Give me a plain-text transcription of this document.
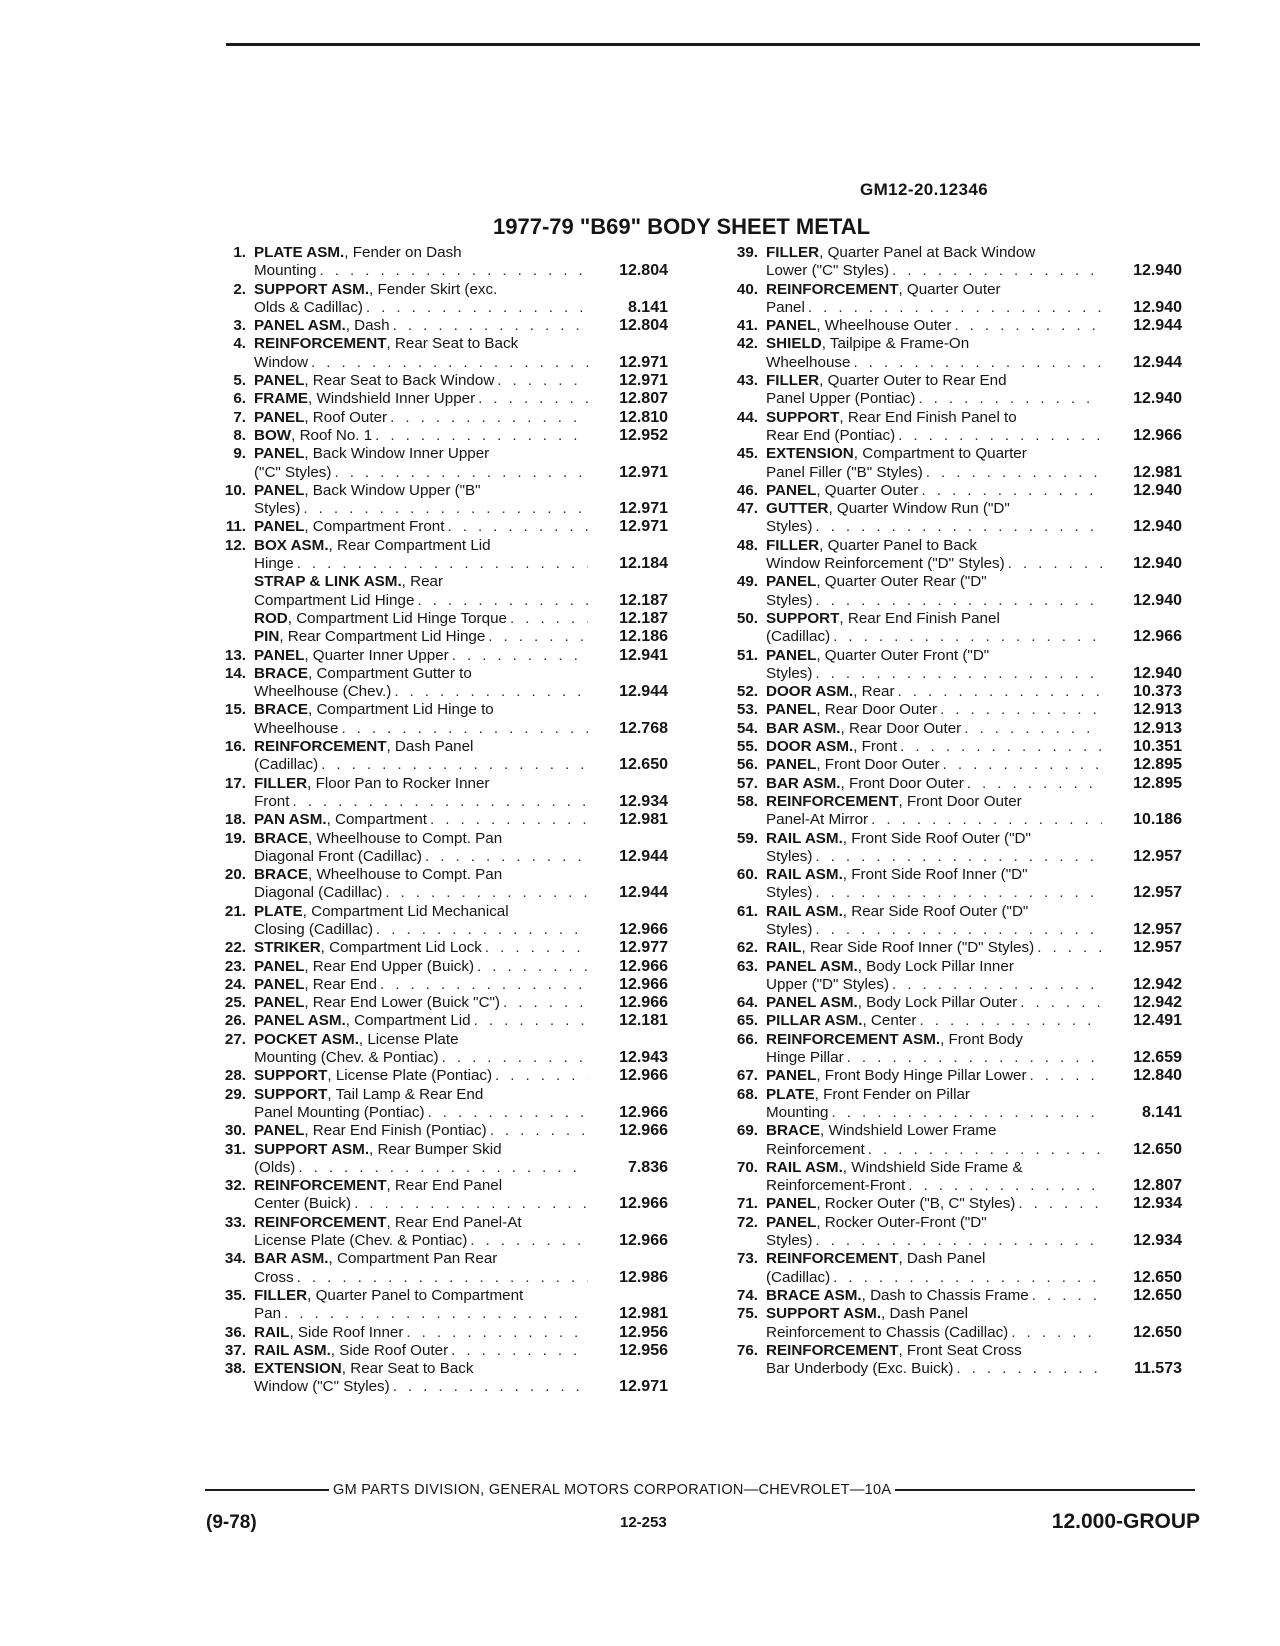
GM12-20.12346
1977-79 "B69" BODY SHEET METAL
1. PLATE ASM., Fender on Dash
Mounting . . .	12.804
2. SUPPORT ASM., Fender Skirt (exc.
Olds & Cadillac) . . .	8.141
3. PANEL ASM., Dash . . .	12.804
4. REINFORCEMENT, Rear Seat to Back
Window . . .	12.971
5. PANEL, Rear Seat to Back Window . . .	12.971
6. FRAME, Windshield Inner Upper . . .	12.807
7. PANEL, Roof Outer . . .	12.810
8. BOW, Roof No. 1 . . .	12.952
9. PANEL, Back Window Inner Upper
("C" Styles) . . .	12.971
10. PANEL, Back Window Upper ("B"
Styles) . . .	12.971
11. PANEL, Compartment Front . . .	12.971
12. BOX ASM., Rear Compartment Lid
Hinge . . .	12.184
STRAP & LINK ASM., Rear
Compartment Lid Hinge . . .	12.187
ROD, Compartment Lid Hinge Torque . . .	12.187
PIN, Rear Compartment Lid Hinge . . .	12.186
13. PANEL, Quarter Inner Upper . . .	12.941
14. BRACE, Compartment Gutter to
Wheelhouse (Chev.) . . .	12.944
15. BRACE, Compartment Lid Hinge to
Wheelhouse . . .	12.768
16. REINFORCEMENT, Dash Panel
(Cadillac) . . .	12.650
17. FILLER, Floor Pan to Rocker Inner
Front . . .	12.934
18. PAN ASM., Compartment . . .	12.981
19. BRACE, Wheelhouse to Compt. Pan
Diagonal Front (Cadillac) . . .	12.944
20. BRACE, Wheelhouse to Compt. Pan
Diagonal (Cadillac) . . .	12.944
21. PLATE, Compartment Lid Mechanical
Closing (Cadillac) . . .	12.966
22. STRIKER, Compartment Lid Lock . . .	12.977
23. PANEL, Rear End Upper (Buick) . . .	12.966
24. PANEL, Rear End . . .	12.966
25. PANEL, Rear End Lower (Buick "C") . . .	12.966
26. PANEL ASM., Compartment Lid . . .	12.181
27. POCKET ASM., License Plate
Mounting (Chev. & Pontiac) . . .	12.943
28. SUPPORT, License Plate (Pontiac) . . .	12.966
29. SUPPORT, Tail Lamp & Rear End
Panel Mounting (Pontiac) . . .	12.966
30. PANEL, Rear End Finish (Pontiac) . . .	12.966
31. SUPPORT ASM., Rear Bumper Skid
(Olds) . . .	7.836
32. REINFORCEMENT, Rear End Panel
Center (Buick) . . .	12.966
33. REINFORCEMENT, Rear End Panel-At
License Plate (Chev. & Pontiac) . . .	12.966
34. BAR ASM., Compartment Pan Rear
Cross . . .	12.986
35. FILLER, Quarter Panel to Compartment
Pan . . .	12.981
36. RAIL, Side Roof Inner . . .	12.956
37. RAIL ASM., Side Roof Outer . . .	12.956
38. EXTENSION, Rear Seat to Back
Window ("C" Styles) . . .	12.971
39. FILLER, Quarter Panel at Back Window
Lower ("C" Styles) . . .	12.940
40. REINFORCEMENT, Quarter Outer
Panel . . .	12.940
41. PANEL, Wheelhouse Outer . . .	12.944
42. SHIELD, Tailpipe & Frame-On
Wheelhouse . . .	12.944
43. FILLER, Quarter Outer to Rear End
Panel Upper (Pontiac) . . .	12.940
44. SUPPORT, Rear End Finish Panel to
Rear End (Pontiac) . . .	12.966
45. EXTENSION, Compartment to Quarter
Panel Filler ("B" Styles) . . .	12.981
46. PANEL, Quarter Outer . . .	12.940
47. GUTTER, Quarter Window Run ("D"
Styles) . . .	12.940
48. FILLER, Quarter Panel to Back
Window Reinforcement ("D" Styles) . . .	12.940
49. PANEL, Quarter Outer Rear ("D"
Styles) . . .	12.940
50. SUPPORT, Rear End Finish Panel
(Cadillac) . . .	12.966
51. PANEL, Quarter Outer Front ("D"
Styles) . . .	12.940
52. DOOR ASM., Rear . . .	10.373
53. PANEL, Rear Door Outer . . .	12.913
54. BAR ASM., Rear Door Outer . . .	12.913
55. DOOR ASM., Front . . .	10.351
56. PANEL, Front Door Outer . . .	12.895
57. BAR ASM., Front Door Outer . . .	12.895
58. REINFORCEMENT, Front Door Outer
Panel-At Mirror . . .	10.186
59. RAIL ASM., Front Side Roof Outer ("D"
Styles) . . .	12.957
60. RAIL ASM., Front Side Roof Inner ("D"
Styles) . . .	12.957
61. RAIL ASM., Rear Side Roof Outer ("D"
Styles) . . .	12.957
62. RAIL, Rear Side Roof Inner ("D" Styles) . . .	12.957
63. PANEL ASM., Body Lock Pillar Inner
Upper ("D" Styles) . . .	12.942
64. PANEL ASM., Body Lock Pillar Outer . . .	12.942
65. PILLAR ASM., Center . . .	12.491
66. REINFORCEMENT ASM., Front Body
Hinge Pillar . . .	12.659
67. PANEL, Front Body Hinge Pillar Lower . . .	12.840
68. PLATE, Front Fender on Pillar
Mounting . . .	8.141
69. BRACE, Windshield Lower Frame
Reinforcement . . .	12.650
70. RAIL ASM., Windshield Side Frame &
Reinforcement-Front . . .	12.807
71. PANEL, Rocker Outer ("B, C" Styles) . . .	12.934
72. PANEL, Rocker Outer-Front ("D"
Styles) . . .	12.934
73. REINFORCEMENT, Dash Panel
(Cadillac) . . .	12.650
74. BRACE ASM., Dash to Chassis Frame . . .	12.650
75. SUPPORT ASM., Dash Panel
Reinforcement to Chassis (Cadillac) . . .	12.650
76. REINFORCEMENT, Front Seat Cross
Bar Underbody (Exc. Buick) . . .	11.573
GM PARTS DIVISION, GENERAL MOTORS CORPORATION—CHEVROLET—10A
(9-78)	12-253	12.000-GROUP
